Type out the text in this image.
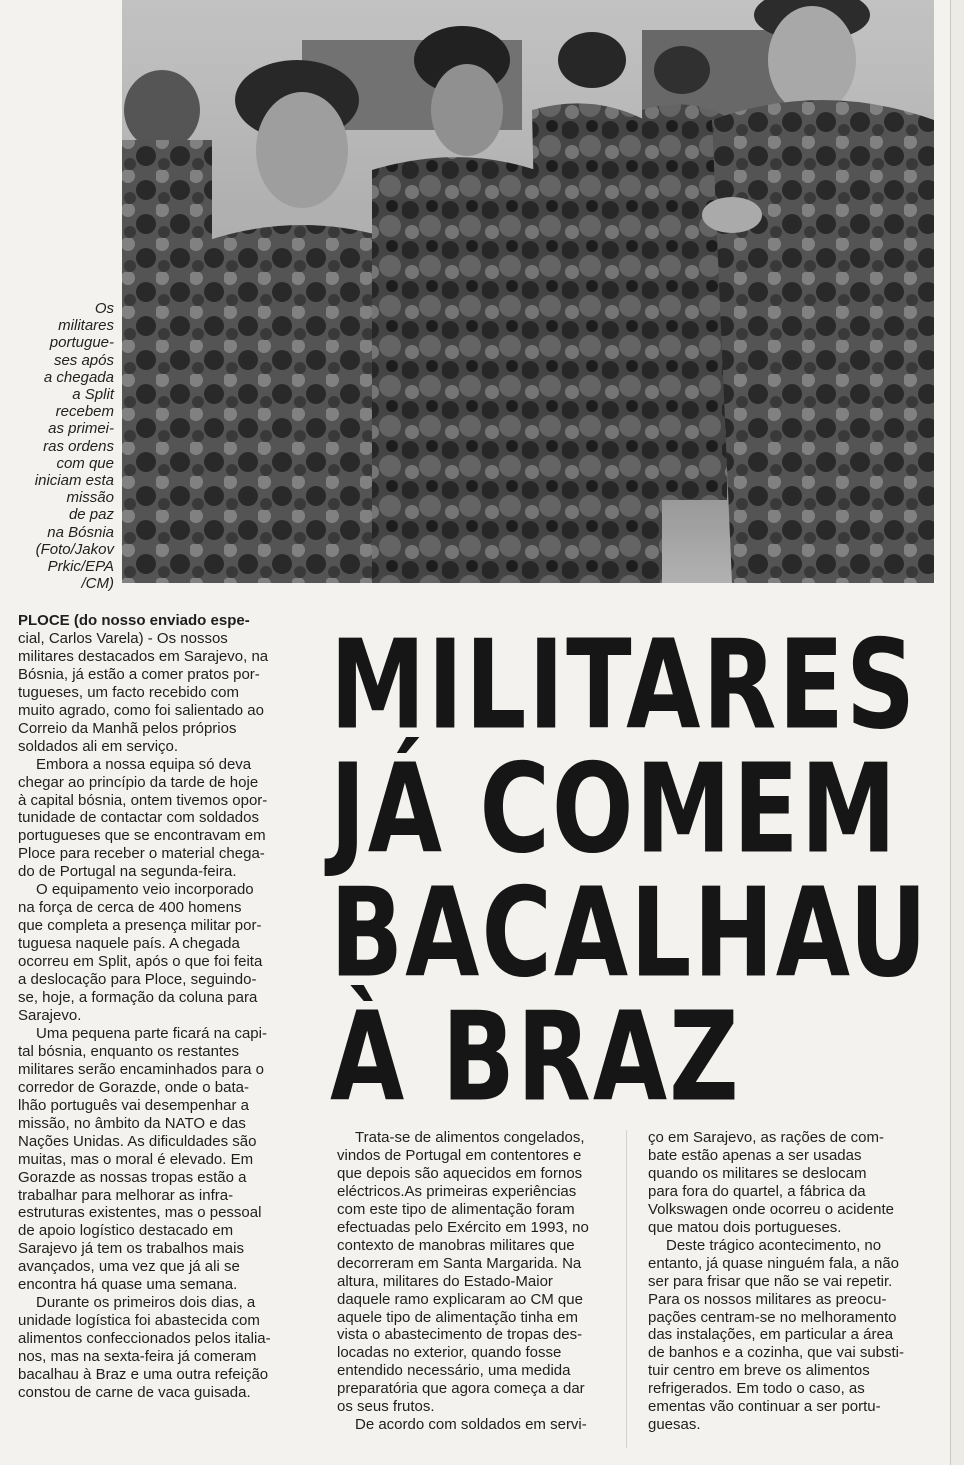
Os
militares
portugue-
ses após
a chegada
a Split
recebem
as primei-
ras ordens
com que
iniciam esta
missão
de paz
na Bósnia
(Foto/Jakov
Prkic/EPA
/CM)
MILITARES
JÁ COMEM
BACALHAU
À BRAZ
PLOCE (do nosso enviado espe-
cial, Carlos Varela) - Os nossos
militares destacados em Sarajevo, na
Bósnia, já estão a comer pratos por-
tugueses, um facto recebido com
muito agrado, como foi salientado ao
Correio da Manhã pelos próprios
soldados ali em serviço.
Embora a nossa equipa só deva
chegar ao princípio da tarde de hoje
à capital bósnia, ontem tivemos opor-
tunidade de contactar com soldados
portugueses que se encontravam em
Ploce para receber o material chega-
do de Portugal na segunda-feira.
O equipamento veio incorporado
na força de cerca de 400 homens
que completa a presença militar por-
tuguesa naquele país. A chegada
ocorreu em Split, após o que foi feita
a deslocação para Ploce, seguindo-
se, hoje, a formação da coluna para
Sarajevo.
Uma pequena parte ficará na capi-
tal bósnia, enquanto os restantes
militares serão encaminhados para o
corredor de Gorazde, onde o bata-
lhão português vai desempenhar a
missão, no âmbito da NATO e das
Nações Unidas. As dificuldades são
muitas, mas o moral é elevado. Em
Gorazde as nossas tropas estão a
trabalhar para melhorar as infra-
estruturas existentes, mas o pessoal
de apoio logístico destacado em
Sarajevo já tem os trabalhos mais
avançados, uma vez que já ali se
encontra há quase uma semana.
Durante os primeiros dois dias, a
unidade logística foi abastecida com
alimentos confeccionados pelos italia-
nos, mas na sexta-feira já comeram
bacalhau à Braz e uma outra refeição
constou de carne de vaca guisada.
Trata-se de alimentos congelados,
vindos de Portugal em contentores e
que depois são aquecidos em fornos
eléctricos.As primeiras experiências
com este tipo de alimentação foram
efectuadas pelo Exército em 1993, no
contexto de manobras militares que
decorreram em Santa Margarida. Na
altura, militares do Estado-Maior
daquele ramo explicaram ao CM que
aquele tipo de alimentação tinha em
vista o abastecimento de tropas des-
locadas no exterior, quando fosse
entendido necessário, uma medida
preparatória que agora começa a dar
os seus frutos.
De acordo com soldados em servi-
ço em Sarajevo, as rações de com-
bate estão apenas a ser usadas
quando os militares se deslocam
para fora do quartel, a fábrica da
Volkswagen onde ocorreu o acidente
que matou dois portugueses.
Deste trágico acontecimento, no
entanto, já quase ninguém fala, a não
ser para frisar que não se vai repetir.
Para os nossos militares as preocu-
pações centram-se no melhoramento
das instalações, em particular a área
de banhos e a cozinha, que vai substi-
tuir centro em breve os alimentos
refrigerados. Em todo o caso, as
ementas vão continuar a ser portu-
guesas.
